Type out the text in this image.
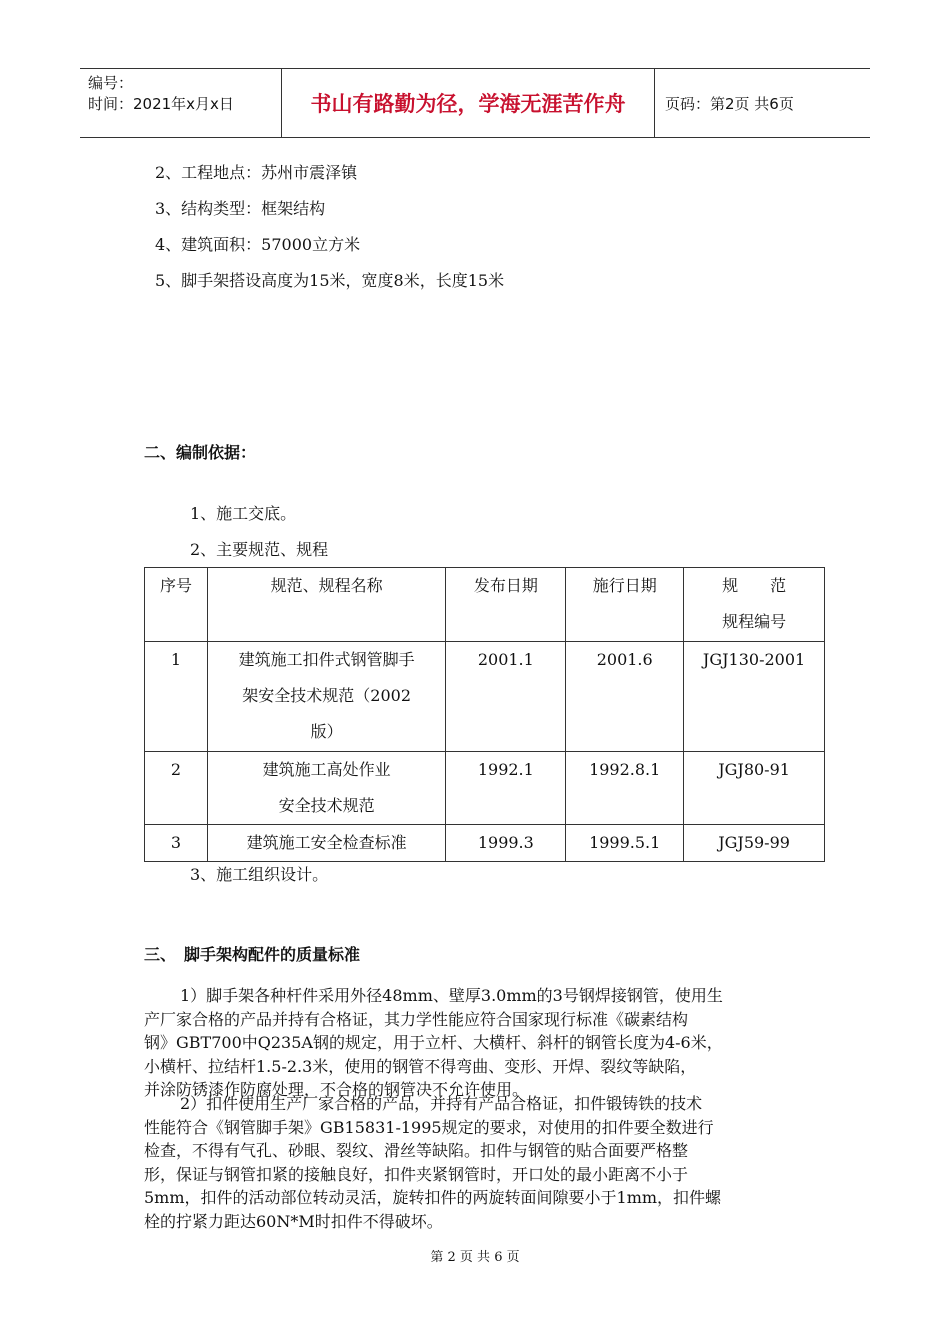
编号：
时间：2021年x月x日	书山有路勤为径，学海无涯苦作舟	页码：第2页 共6页
2、工程地点：苏州市震泽镇
3、结构类型：框架结构
4、建筑面积：57000立方米
5、脚手架搭设高度为15米，宽度8米，长度15米
二、编制依据：
1、施工交底。
2、主要规范、规程
序号	规范、规程名称	发布日期	施行日期	规　　范
规程编号

1	建筑施工扣件式钢管脚手
架安全技术规范（2002
版）	2001.1	2001.6	JGJ130-2001
2	建筑施工高处作业
安全技术规范	1992.1	1992.8.1	JGJ80-91
3	建筑施工安全检查标准	1999.3	1999.5.1	JGJ59-99
3、施工组织设计。
三、　脚手架构配件的质量标准
1）脚手架各种杆件采用外径48mm、壁厚3.0mm的3号钢焊接钢管，使用生
产厂家合格的产品并持有合格证，其力学性能应符合国家现行标准《碳素结构
钢》GBT700中Q235A钢的规定，用于立杆、大横杆、斜杆的钢管长度为4-6米，
小横杆、拉结杆1.5-2.3米，使用的钢管不得弯曲、变形、开焊、裂纹等缺陷，
并涂防锈漆作防腐处理，不合格的钢管决不允许使用。
2）扣件使用生产厂家合格的产品，并持有产品合格证，扣件锻铸铁的技术
性能符合《钢管脚手架》GB15831-1995规定的要求，对使用的扣件要全数进行
检查，不得有气孔、砂眼、裂纹、滑丝等缺陷。扣件与钢管的贴合面要严格整
形，保证与钢管扣紧的接触良好，扣件夹紧钢管时，开口处的最小距离不小于
5mm，扣件的活动部位转动灵活，旋转扣件的两旋转面间隙要小于1mm，扣件螺
栓的拧紧力距达60N*M时扣件不得破坏。
第 2 页 共 6 页
